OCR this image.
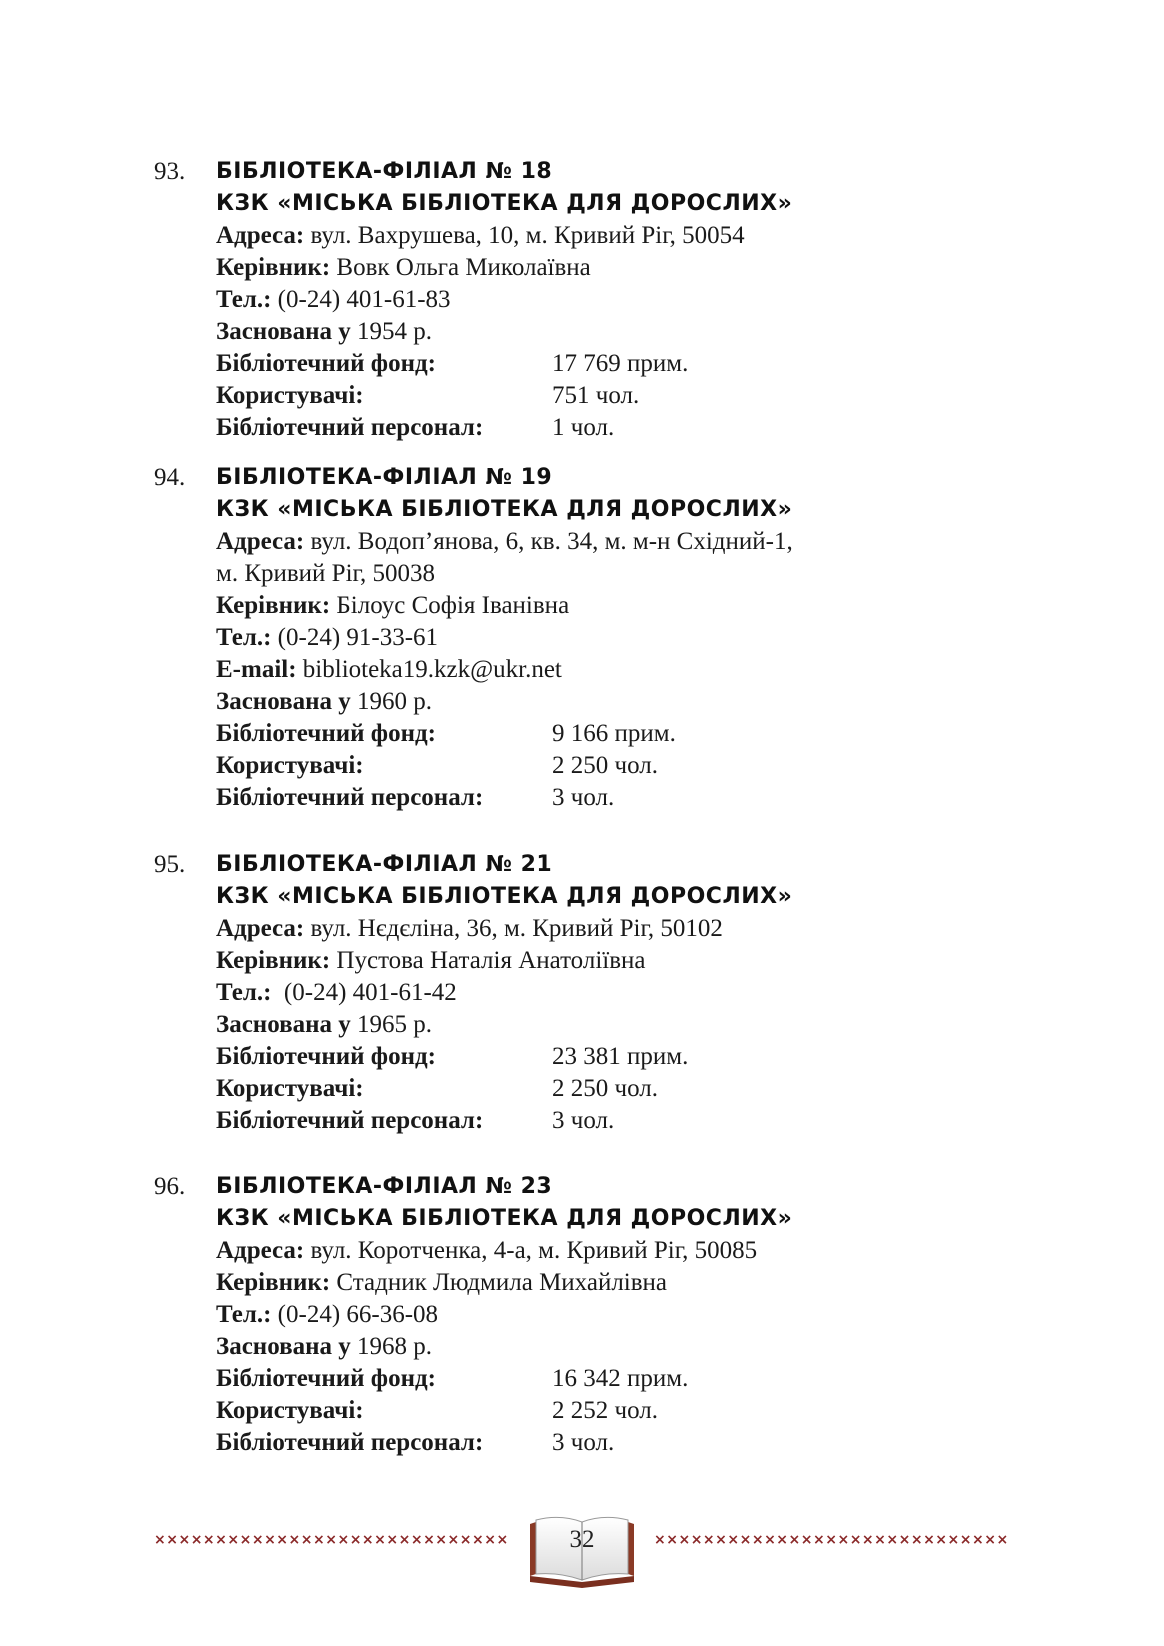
93. БІБЛІОТЕКА-ФІЛІАЛ № 18
КЗК «МІСЬКА БІБЛІОТЕКА ДЛЯ ДОРОСЛИХ»
Адреса: вул. Вахрушева, 10, м. Кривий Ріг, 50054
Керівник: Вовк Ольга Миколаївна
Тел.: (0-24) 401-61-83
Заснована у 1954 р.
Бібліотечний фонд:	17 769 прим.
Користувачі:	751 чол.
Бібліотечний персонал:	1 чол.
94. БІБЛІОТЕКА-ФІЛІАЛ № 19
КЗК «МІСЬКА БІБЛІОТЕКА ДЛЯ ДОРОСЛИХ»
Адреса: вул. Водоп’янова, 6, кв. 34, м. м-н Східний-1,
м. Кривий Ріг, 50038
Керівник: Білоус Софія Іванівна
Тел.: (0-24) 91-33-61
E-mail: biblioteka19.kzk@ukr.net
Заснована у 1960 р.
Бібліотечний фонд:	9 166 прим.
Користувачі:	2 250 чол.
Бібліотечний персонал:	3 чол.
95. БІБЛІОТЕКА-ФІЛІАЛ № 21
КЗК «МІСЬКА БІБЛІОТЕКА ДЛЯ ДОРОСЛИХ»
Адреса: вул. Нєдєліна, 36, м. Кривий Ріг, 50102
Керівник: Пустова Наталія Анатоліївна
Тел.:  (0-24) 401-61-42
Заснована у 1965 р.
Бібліотечний фонд:	23 381 прим.
Користувачі:	2 250 чол.
Бібліотечний персонал:	3 чол.
96. БІБЛІОТЕКА-ФІЛІАЛ № 23
КЗК «МІСЬКА БІБЛІОТЕКА ДЛЯ ДОРОСЛИХ»
Адреса: вул. Коротченка, 4-а, м. Кривий Ріг, 50085
Керівник: Стадник Людмила Михайлівна
Тел.: (0-24) 66-36-08
Заснована у 1968 р.
Бібліотечний фонд:	16 342 прим.
Користувачі:	2 252 чол.
Бібліотечний персонал:	3 чол.
×××××××××××××××××××××××××××××	32	×××××××××××××××××××××××××××××
